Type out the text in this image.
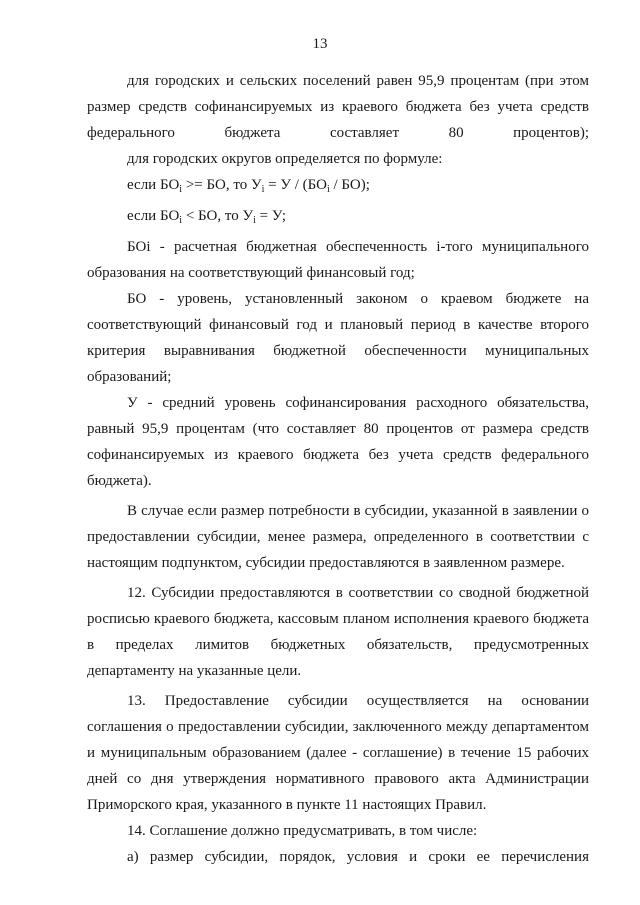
13

для городских и сельских поселений равен 95,9 процентам (при этом размер средств софинансируемых из краевого бюджета без учета средств федерального бюджета составляет 80 процентов);

для городских округов определяется по формуле:

если $БО_i$ >= БО, то $У_i = У / (БО_i / БО)$;

если $БО_i$ < БО, то $У_i = У$;

БОi - расчетная бюджетная обеспеченность i-того муниципального образования на соответствующий финансовый год;

БО - уровень, установленный законом о краевом бюджете на соответствующий финансовый год и плановый период в качестве второго критерия выравнивания бюджетной обеспеченности муниципальных образований;

У - средний уровень софинансирования расходного обязательства, равный 95,9 процентам (что составляет 80 процентов от размера средств софинансируемых из краевого бюджета без учета средств федерального бюджета).

В случае если размер потребности в субсидии, указанной в заявлении о предоставлении субсидии, менее размера, определенного в соответствии с настоящим подпунктом, субсидии предоставляются в заявленном размере.

12. Субсидии предоставляются в соответствии со сводной бюджетной росписью краевого бюджета, кассовым планом исполнения краевого бюджета в пределах лимитов бюджетных обязательств, предусмотренных департаменту на указанные цели.

13. Предоставление субсидии осуществляется на основании соглашения о предоставлении субсидии, заключенного между департаментом и муниципальным образованием (далее - соглашение) в течение 15 рабочих дней со дня утверждения нормативного правового акта Администрации Приморского края, указанного в пункте 11 настоящих Правил.

14. Соглашение должно предусматривать, в том числе:

а) размер субсидии, порядок, условия и сроки ее перечисления
